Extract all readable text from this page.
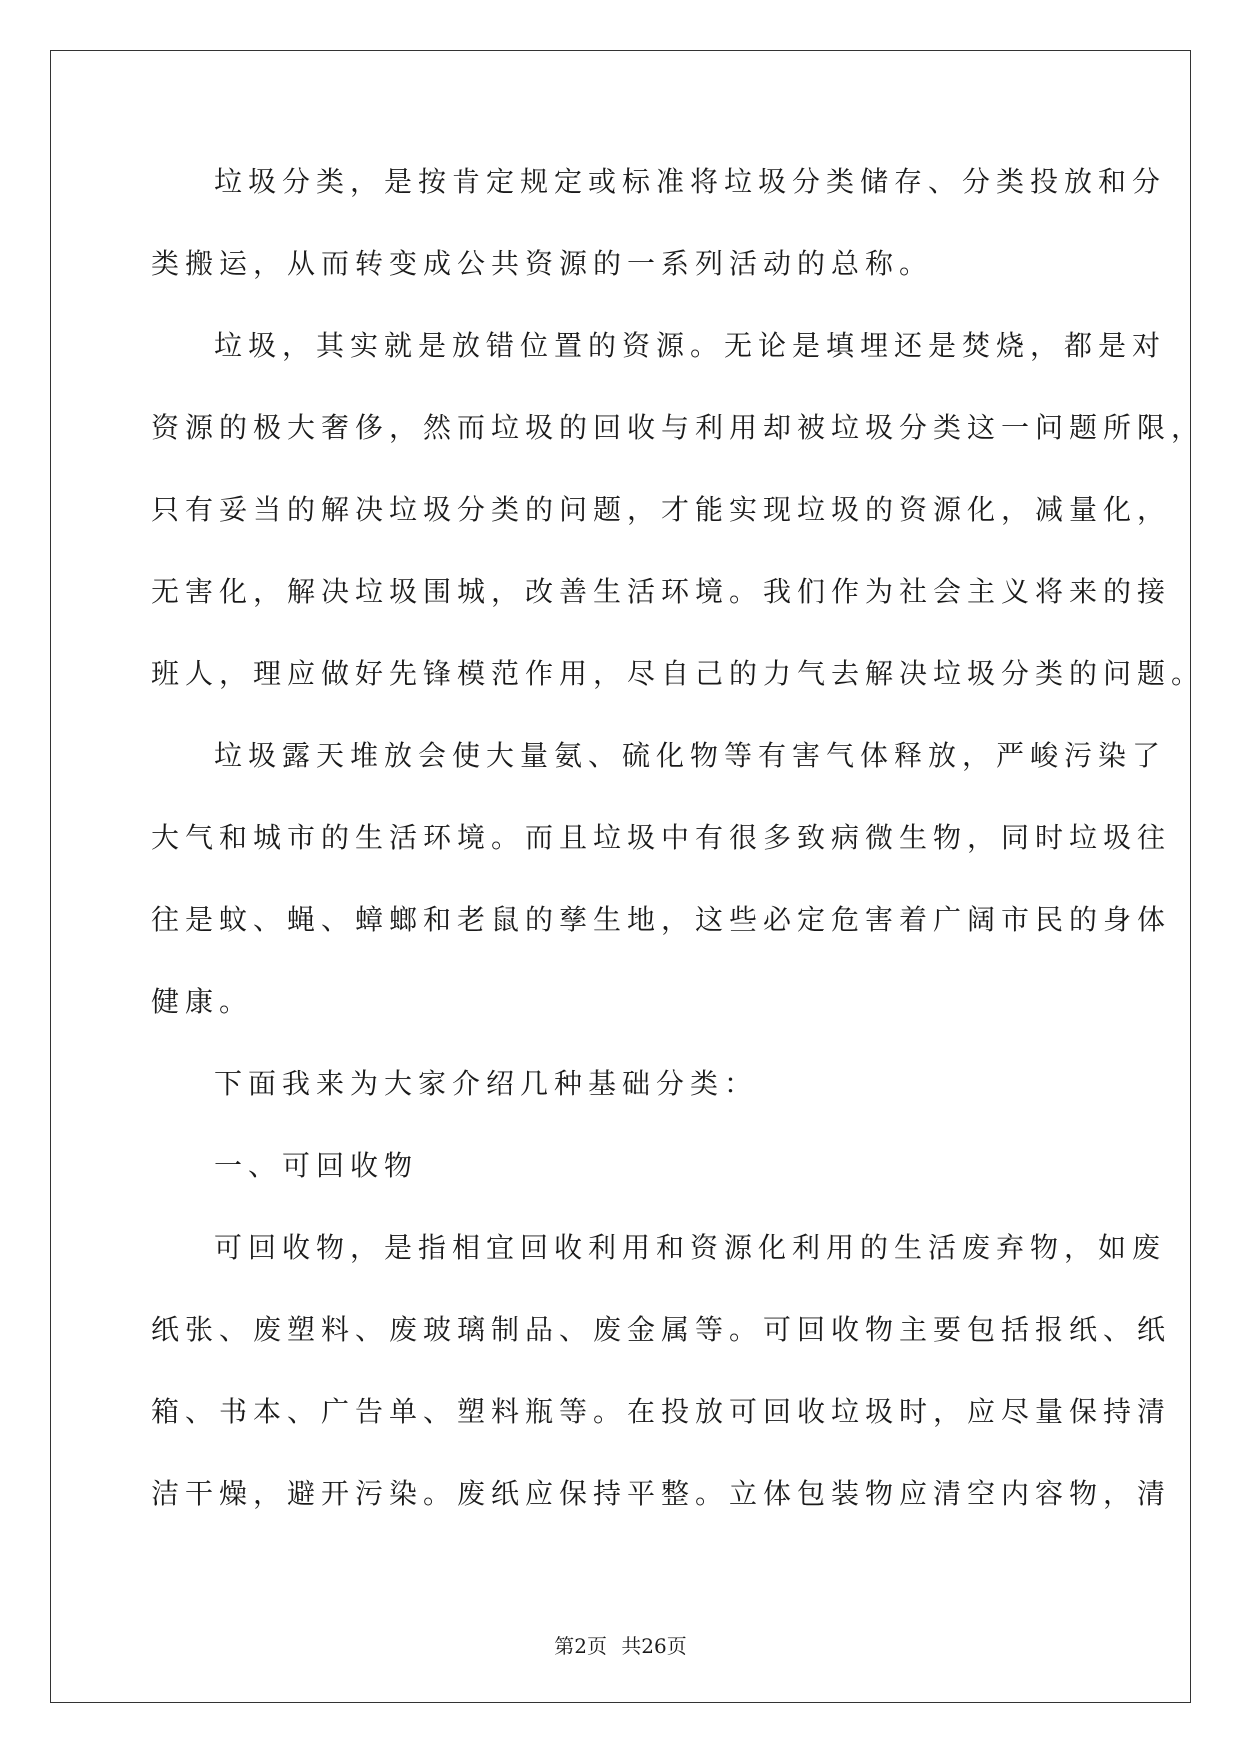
垃圾分类，是按肯定规定或标准将垃圾分类储存、分类投放和分
类搬运，从而转变成公共资源的一系列活动的总称。
垃圾，其实就是放错位置的资源。无论是填埋还是焚烧，都是对
资源的极大奢侈，然而垃圾的回收与利用却被垃圾分类这一问题所限，
只有妥当的解决垃圾分类的问题，才能实现垃圾的资源化，减量化，
无害化，解决垃圾围城，改善生活环境。我们作为社会主义将来的接
班人，理应做好先锋模范作用，尽自己的力气去解决垃圾分类的问题。
垃圾露天堆放会使大量氨、硫化物等有害气体释放，严峻污染了
大气和城市的生活环境。而且垃圾中有很多致病微生物，同时垃圾往
往是蚊、蝇、蟑螂和老鼠的孳生地，这些必定危害着广阔市民的身体
健康。
下面我来为大家介绍几种基础分类：
一、可回收物
可回收物，是指相宜回收利用和资源化利用的生活废弃物，如废
纸张、废塑料、废玻璃制品、废金属等。可回收物主要包括报纸、纸
箱、书本、广告单、塑料瓶等。在投放可回收垃圾时，应尽量保持清
洁干燥，避开污染。废纸应保持平整。立体包装物应清空内容物，清
第2页 共26页
